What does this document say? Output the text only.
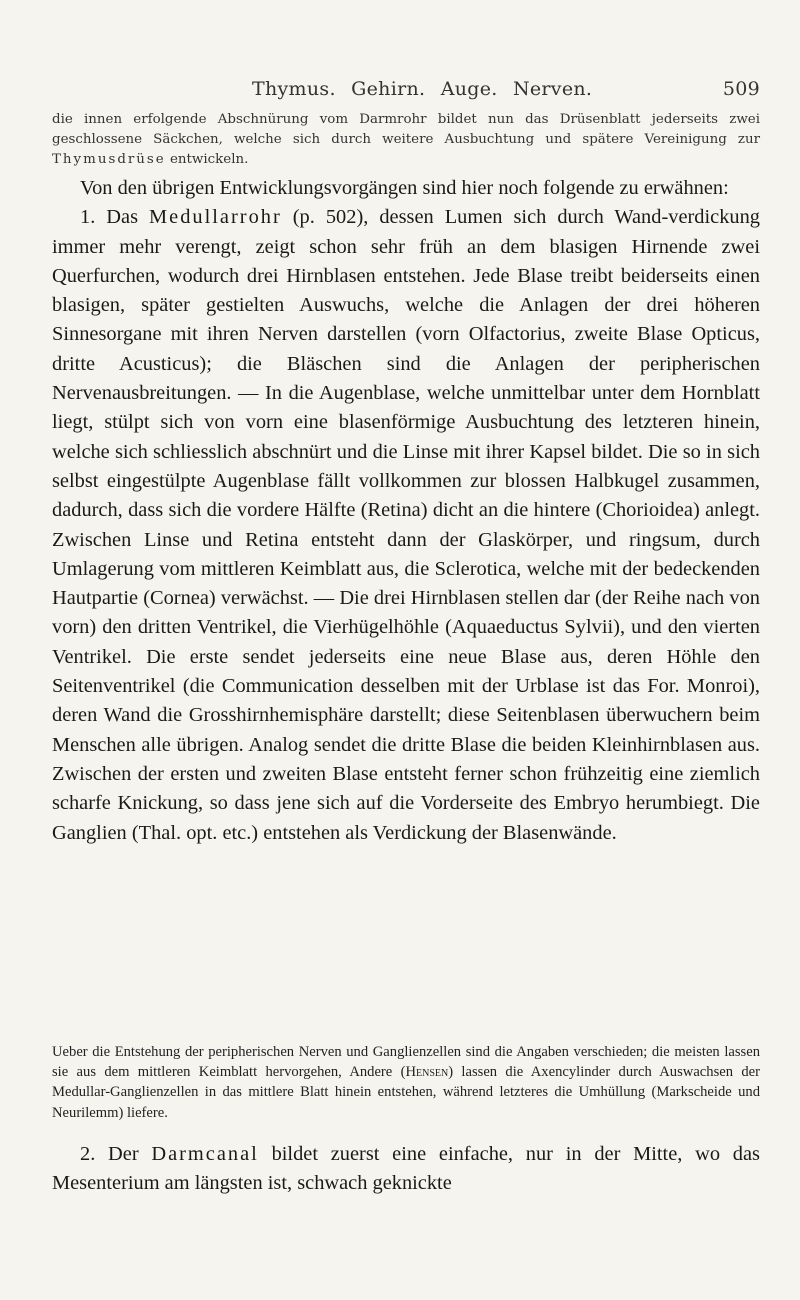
Thymus. Gehirn. Auge. Nerven.	509

die innen erfolgende Abschnürung vom Darmrohr bildet nun das Drüsenblatt jederseits zwei geschlossene Säckchen, welche sich durch weitere Ausbuchtung und spätere Vereinigung zur Thymusdrüse entwickeln.

Von den übrigen Entwicklungsvorgängen sind hier noch folgende zu erwähnen:

1. Das Medullarrohr (p. 502), dessen Lumen sich durch Wand-verdickung immer mehr verengt, zeigt schon sehr früh an dem blasigen Hirnende zwei Querfurchen, wodurch drei Hirnblasen entstehen. Jede Blase treibt beiderseits einen blasigen, später gestielten Auswuchs, welche die Anlagen der drei höheren Sinnesorgane mit ihren Nerven darstellen (vorn Olfactorius, zweite Blase Opticus, dritte Acusticus); die Bläschen sind die Anlagen der peripherischen Nervenausbreitungen. — In die Augenblase, welche unmittelbar unter dem Hornblatt liegt, stülpt sich von vorn eine blasenförmige Ausbuchtung des letzteren hinein, welche sich schliesslich abschnürt und die Linse mit ihrer Kapsel bildet. Die so in sich selbst eingestülpte Augenblase fällt vollkommen zur blossen Halbkugel zusammen, dadurch, dass sich die vordere Hälfte (Retina) dicht an die hintere (Chorioidea) anlegt. Zwischen Linse und Retina entsteht dann der Glaskörper, und ringsum, durch Umlagerung vom mittleren Keimblatt aus, die Sclerotica, welche mit der bedeckenden Hautpartie (Cornea) verwächst. — Die drei Hirnblasen stellen dar (der Reihe nach von vorn) den dritten Ventrikel, die Vierhügelhöhle (Aquaeductus Sylvii), und den vierten Ventrikel. Die erste sendet jederseits eine neue Blase aus, deren Höhle den Seitenventrikel (die Communication desselben mit der Urblase ist das For. Monroi), deren Wand die Grosshirnhemisphäre darstellt; diese Seitenblasen überwuchern beim Menschen alle übrigen. Analog sendet die dritte Blase die beiden Kleinhirnblasen aus. Zwischen der ersten und zweiten Blase entsteht ferner schon frühzeitig eine ziemlich scharfe Knickung, so dass jene sich auf die Vorderseite des Embryo herumbiegt. Die Ganglien (Thal. opt. etc.) entstehen als Verdickung der Blasenwände.

Ueber die Entstehung der peripherischen Nerven und Ganglienzellen sind die Angaben verschieden; die meisten lassen sie aus dem mittleren Keimblatt hervorgehen, Andere (Hensen) lassen die Axencylinder durch Auswachsen der Medullar-Ganglienzellen in das mittlere Blatt hinein entstehen, während letzteres die Umhüllung (Markscheide und Neurilemm) liefere.

2. Der Darmcanal bildet zuerst eine einfache, nur in der Mitte, wo das Mesenterium am längsten ist, schwach geknickte
